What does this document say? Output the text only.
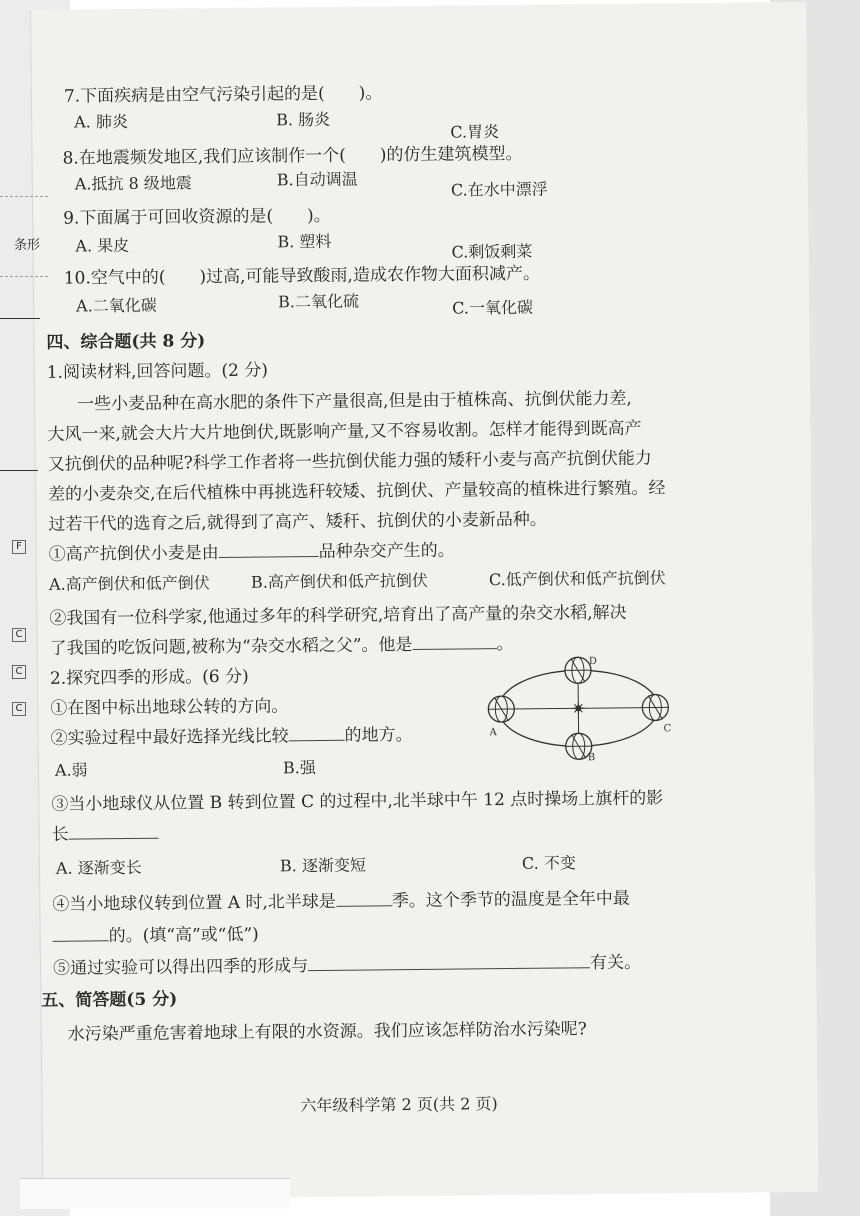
7.下面疾病是由空气污染引起的是(　　)。
A. 肺炎	B. 肠炎
C.胃炎
8.在地震频发地区,我们应该制作一个(　　)的仿生建筑模型。
A.抵抗 8 级地震	B.自动调温
C.在水中漂浮
9.下面属于可回收资源的是(　　)。
A. 果皮	B. 塑料
C.剩饭剩菜
10.空气中的(　　)过高,可能导致酸雨,造成农作物大面积减产。
A.二氧化碳	B.二氧化硫	C.一氧化碳
四、综合题(共 8 分)
1.阅读材料,回答问题。(2 分)
一些小麦品种在高水肥的条件下产量很高,但是由于植株高、抗倒伏能力差,
大风一来,就会大片大片地倒伏,既影响产量,又不容易收割。怎样才能得到既高产
又抗倒伏的品种呢?科学工作者将一些抗倒伏能力强的矮秆小麦与高产抗倒伏能力
差的小麦杂交,在后代植株中再挑选秆较矮、抗倒伏、产量较高的植株进行繁殖。经
过若干代的选育之后,就得到了高产、矮秆、抗倒伏的小麦新品种。
①高产抗倒伏小麦是由	品种杂交产生的。
A.高产倒伏和低产倒伏	B.高产倒伏和低产抗倒伏	C.低产倒伏和低产抗倒伏
②我国有一位科学家,他通过多年的科学研究,培育出了高产量的杂交水稻,解决
了我国的吃饭问题,被称为“杂交水稻之父”。他是	。
2.探究四季的形成。(6 分)
①在图中标出地球公转的方向。
②实验过程中最好选择光线比较	的地方。
A.弱	B.强
D
A	C
B
③当小地球仪从位置 B 转到位置 C 的过程中,北半球中午 12 点时操场上旗杆的影
长
A. 逐渐变长	B. 逐渐变短	C. 不变
④当小地球仪转到位置 A 时,北半球是	季。这个季节的温度是全年中最
的。(填“高”或“低”)
⑤通过实验可以得出四季的形成与	有关。
五、简答题(5 分)
水污染严重危害着地球上有限的水资源。我们应该怎样防治水污染呢?
六年级科学第 2 页(共 2 页)
条形
F
C
C
C
